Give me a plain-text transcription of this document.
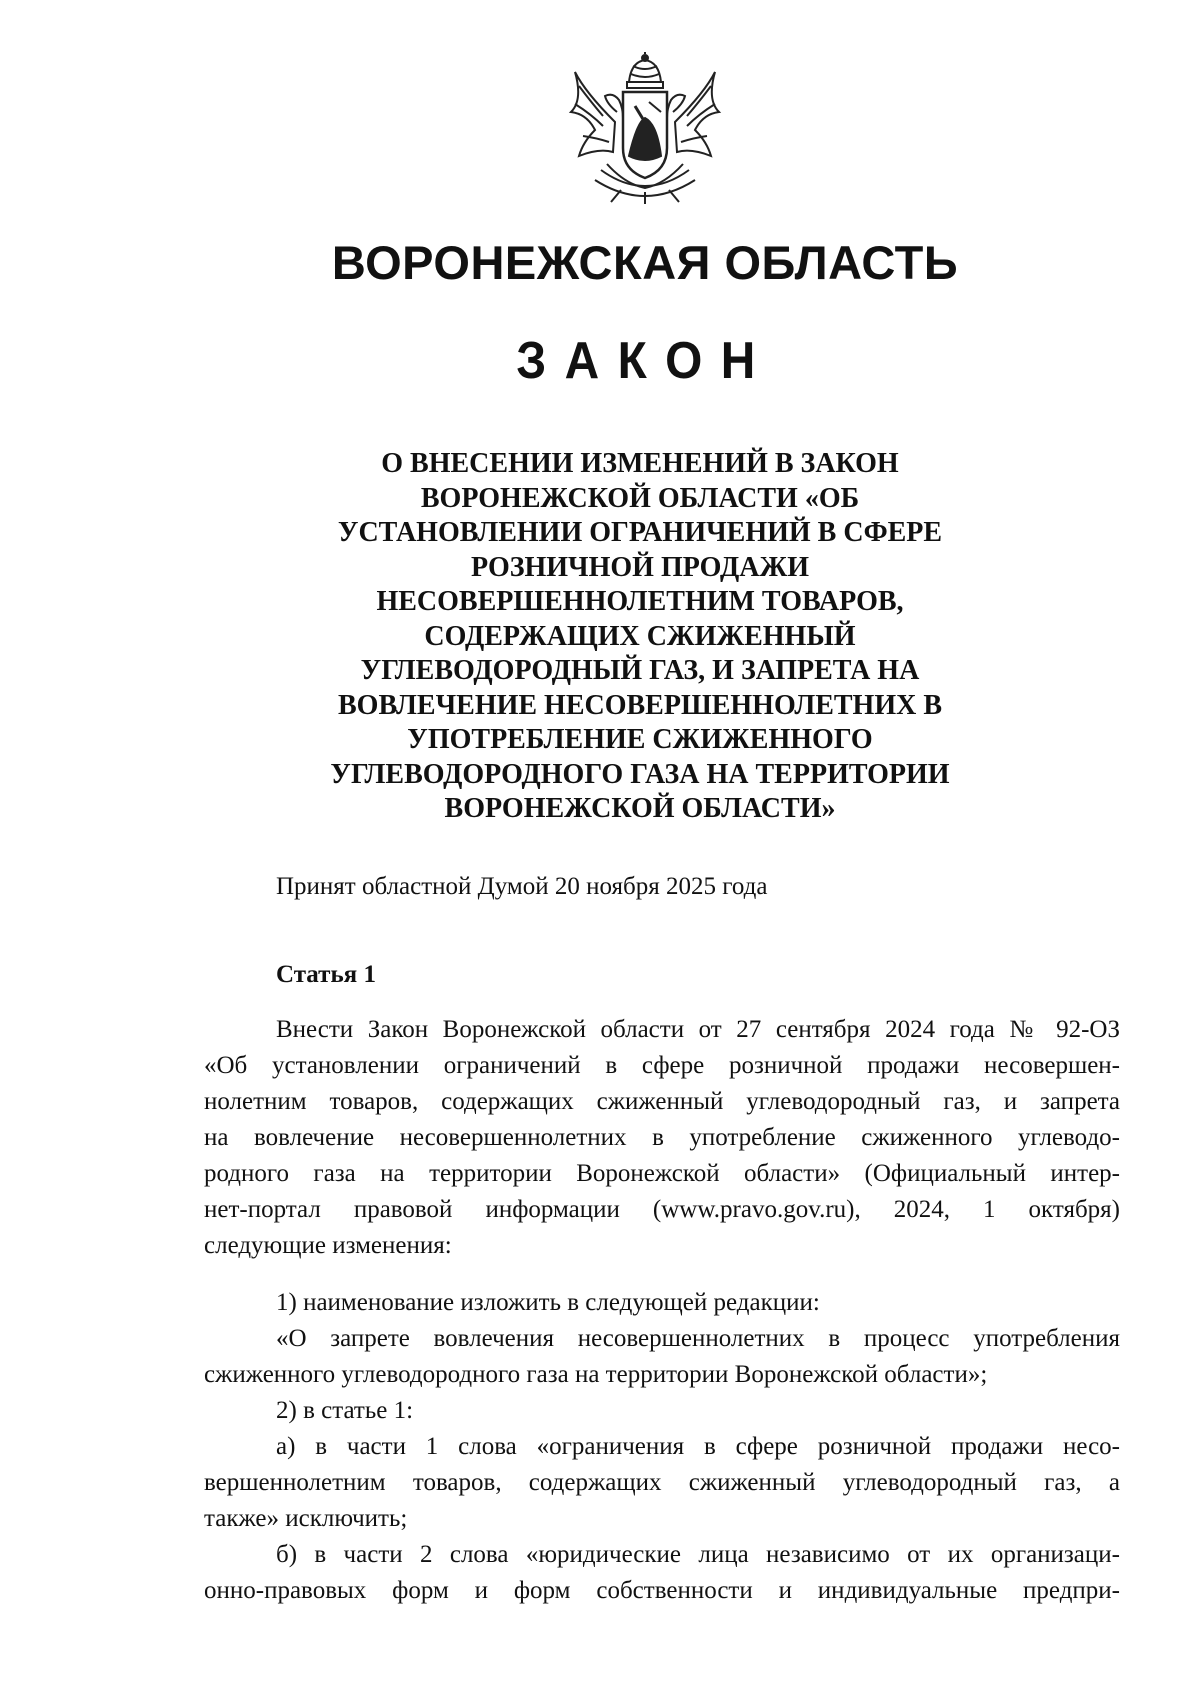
ВОРОНЕЖСКАЯ ОБЛАСТЬ
ЗАКОН
О ВНЕСЕНИИ ИЗМЕНЕНИЙ В ЗАКОН
ВОРОНЕЖСКОЙ ОБЛАСТИ «ОБ
УСТАНОВЛЕНИИ ОГРАНИЧЕНИЙ В СФЕРЕ
РОЗНИЧНОЙ ПРОДАЖИ
НЕСОВЕРШЕННОЛЕТНИМ ТОВАРОВ,
СОДЕРЖАЩИХ СЖИЖЕННЫЙ
УГЛЕВОДОРОДНЫЙ ГАЗ, И ЗАПРЕТА НА
ВОВЛЕЧЕНИЕ НЕСОВЕРШЕННОЛЕТНИХ В
УПОТРЕБЛЕНИЕ СЖИЖЕННОГО
УГЛЕВОДОРОДНОГО ГАЗА НА ТЕРРИТОРИИ
ВОРОНЕЖСКОЙ ОБЛАСТИ»

Принят областной Думой 20 ноября 2025 года

Статья 1

Внести Закон Воронежской области от 27 сентября 2024 года № 92-ОЗ

«Об установлении ограничений в сфере розничной продажи несовершен-

нолетним товаров, содержащих сжиженный углеводородный газ, и запрета

на вовлечение несовершеннолетних в употребление сжиженного углеводо-

родного газа на территории Воронежской области» (Официальный интер-

нет-портал правовой информации (www.pravo.gov.ru), 2024, 1 октября)

следующие изменения:

1) наименование изложить в следующей редакции:

«О запрете вовлечения несовершеннолетних в процесс употребления

сжиженного углеводородного газа на территории Воронежской области»;

2) в статье 1:

а) в части 1 слова «ограничения в сфере розничной продажи несо-

вершеннолетним товаров, содержащих сжиженный углеводородный газ, а

также» исключить;

б) в части 2 слова «юридические лица независимо от их организаци-

онно-правовых форм и форм собственности и индивидуальные предпри-
